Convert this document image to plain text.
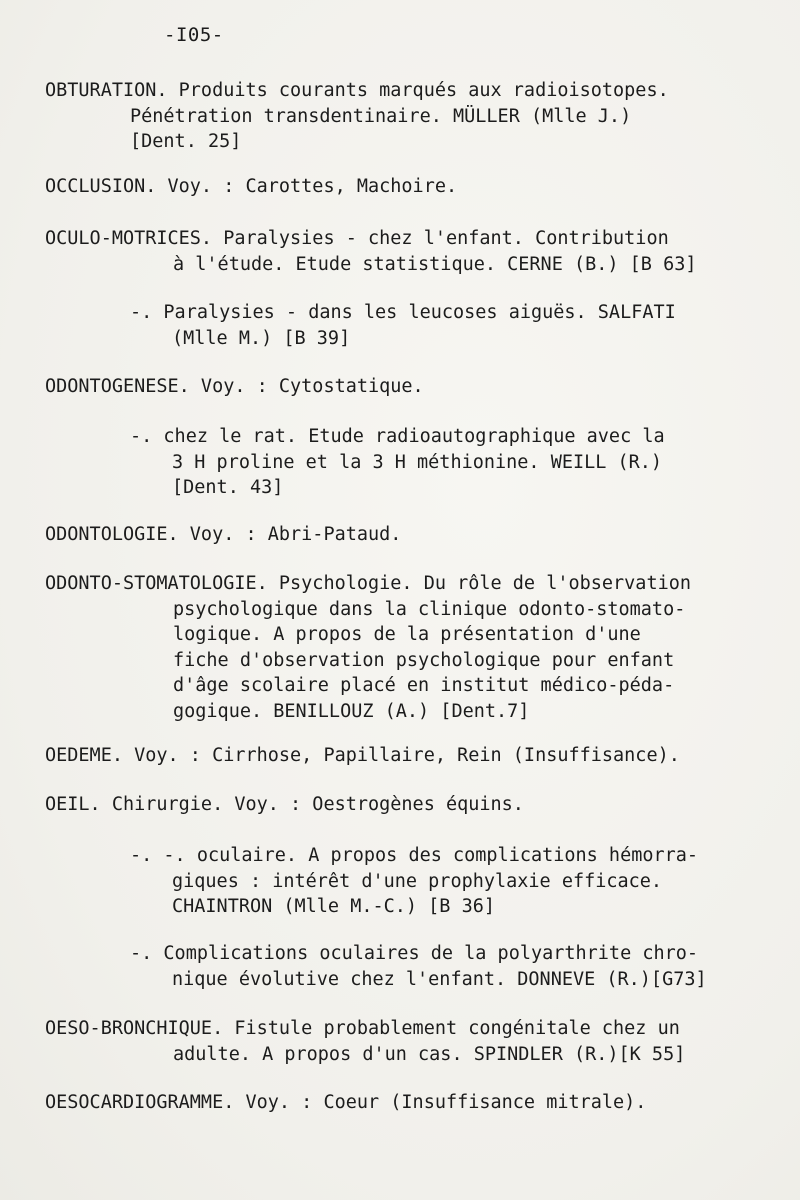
-I05-
OBTURATION. Produits courants marqués aux radioisotopes.
Pénétration transdentinaire. MÜLLER (Mlle J.)
[Dent. 25]
OCCLUSION. Voy. : Carottes, Machoire.
OCULO-MOTRICES. Paralysies - chez l'enfant. Contribution
à l'étude. Etude statistique. CERNE (B.) [B 63]
-. Paralysies - dans les leucoses aiguës. SALFATI
(Mlle M.) [B 39]
ODONTOGENESE. Voy. : Cytostatique.
-. chez le rat. Etude radioautographique avec la
3 H proline et la 3 H méthionine. WEILL (R.)
[Dent. 43]
ODONTOLOGIE. Voy. : Abri-Pataud.
ODONTO-STOMATOLOGIE. Psychologie. Du rôle de l'observation
psychologique dans la clinique odonto-stomato-
logique. A propos de la présentation d'une
fiche d'observation psychologique pour enfant
d'âge scolaire placé en institut médico-péda-
gogique. BENILLOUZ (A.) [Dent.7]
OEDEME. Voy. : Cirrhose, Papillaire, Rein (Insuffisance).
OEIL. Chirurgie. Voy. : Oestrogènes équins.
-. -. oculaire. A propos des complications hémorra-
giques : intérêt d'une prophylaxie efficace.
CHAINTRON (Mlle M.-C.) [B 36]
-. Complications oculaires de la polyarthrite chro-
nique évolutive chez l'enfant. DONNEVE (R.)[G73]
OESO-BRONCHIQUE. Fistule probablement congénitale chez un
adulte. A propos d'un cas. SPINDLER (R.)[K 55]
OESOCARDIOGRAMME. Voy. : Coeur (Insuffisance mitrale).
